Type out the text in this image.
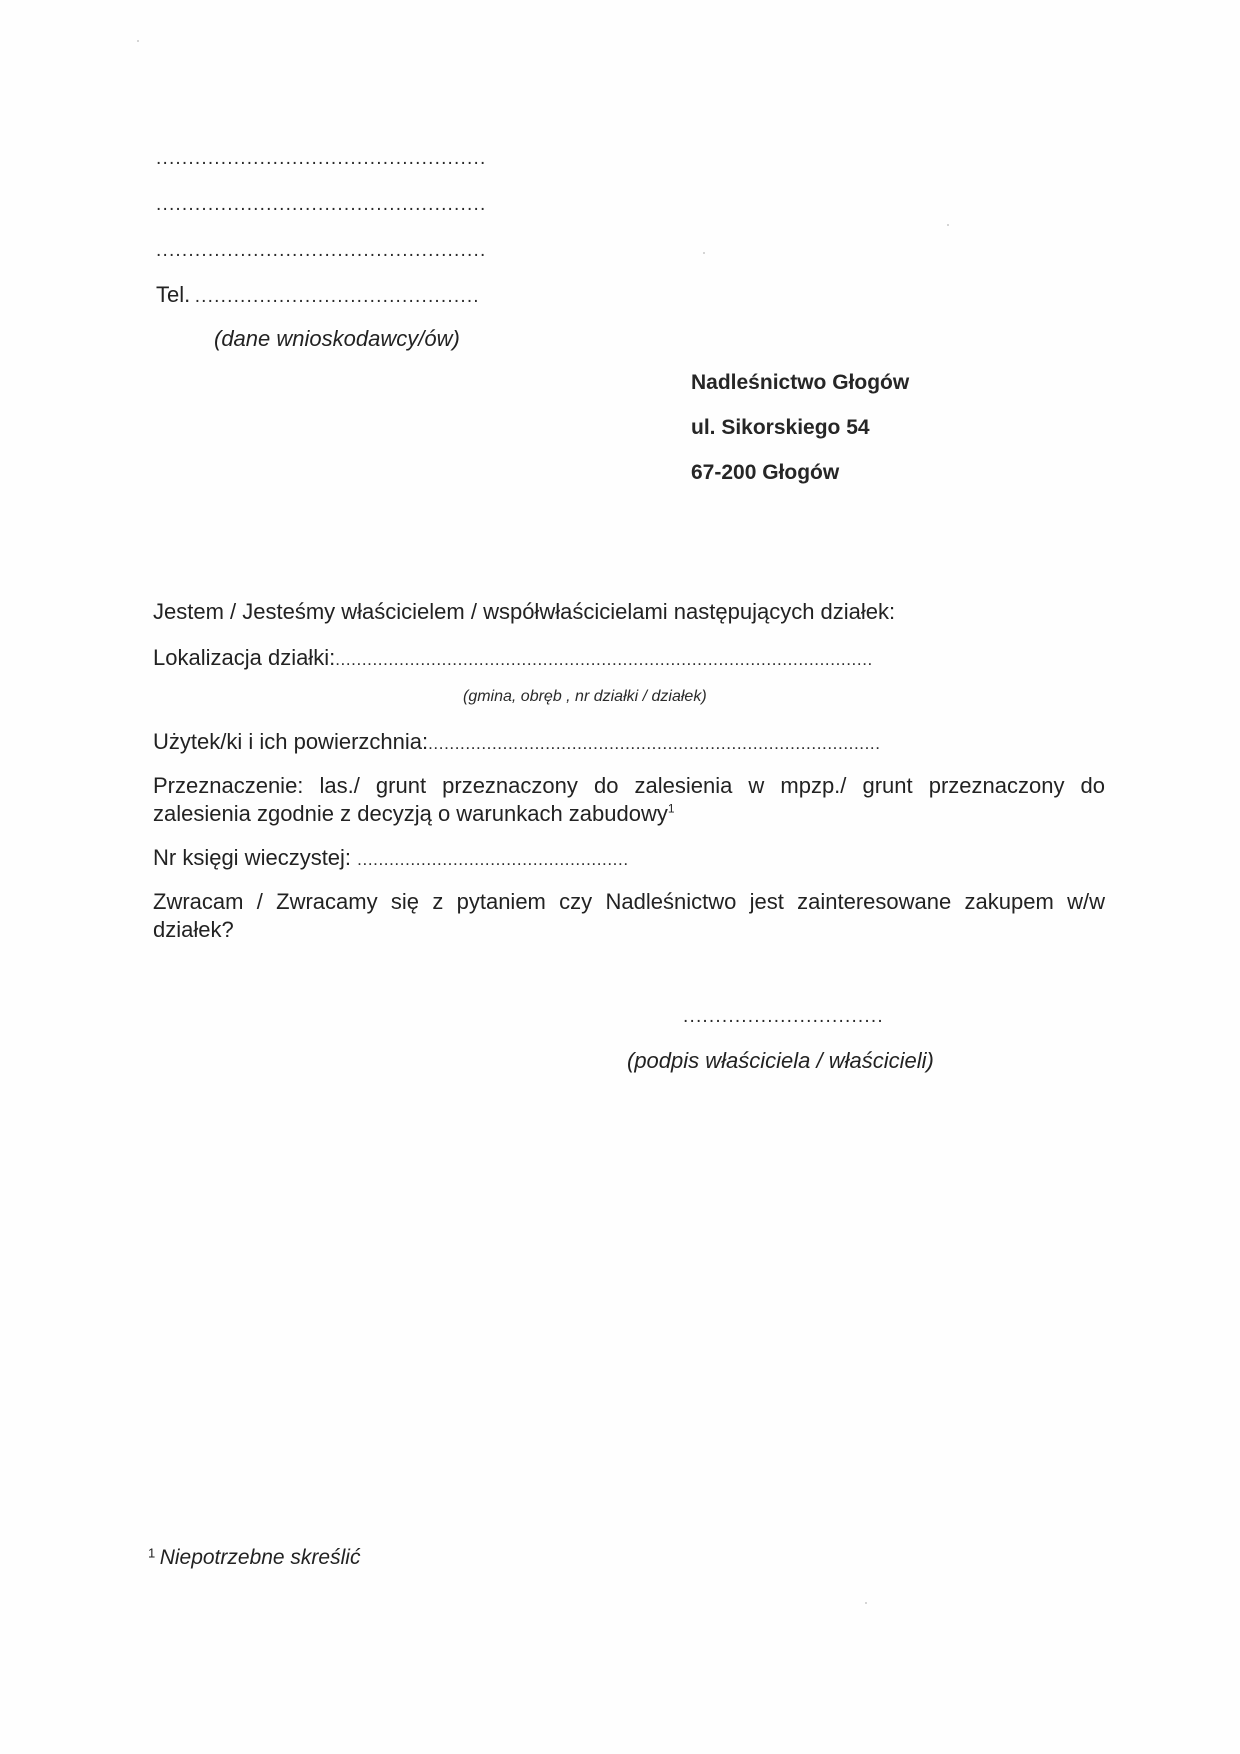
...................................................
...................................................
...................................................
Tel. ............................................
(dane wnioskodawcy/ów)
Nadleśnictwo Głogów
ul. Sikorskiego 54
67-200 Głogów
Jestem / Jesteśmy właścicielem / współwłaścicielami następujących działek:
Lokalizacja działki:.....................................................................................................
(gmina, obręb , nr działki / działek)
Użytek/ki i ich powierzchnia:.....................................................................................
Przeznaczenie: las./ grunt przeznaczony do zalesienia w mpzp./ grunt przeznaczony do zalesienia zgodnie z decyzją o warunkach zabudowy$^1$
Nr księgi wieczystej: ...................................................
Zwracam / Zwracamy się z pytaniem czy Nadleśnictwo jest zainteresowane zakupem w/w działek?
...............................
(podpis właściciela / właścicieli)
$^1$ Niepotrzebne skreślić
